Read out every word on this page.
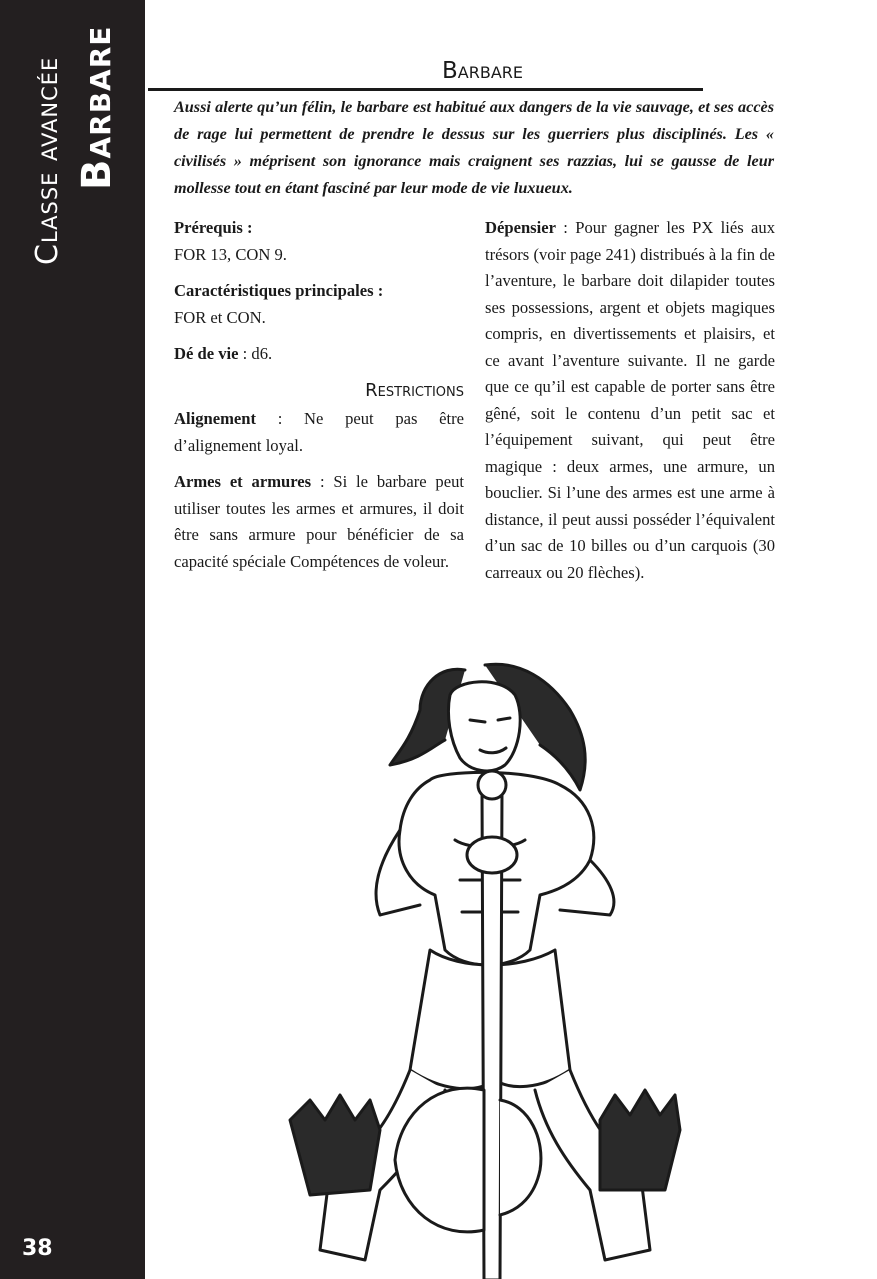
Classe avancée Barbare
38
Barbare
Aussi alerte qu’un félin, le barbare est habitué aux dangers de la vie sauvage, et ses accès de rage lui permettent de prendre le dessus sur les guerriers plus disciplinés. Les « civilisés » méprisent son ignorance mais craignent ses razzias, lui se gausse de leur mollesse tout en étant fasciné par leur mode de vie luxueux.

Prérequis :
FOR 13, CON 9.

Caractéristiques principales :
FOR et CON.

Dé de vie : d6.

Restrictions

Alignement : Ne peut pas être d’alignement loyal.

Armes et armures : Si le barbare peut utiliser toutes les armes et armures, il doit être sans armure pour bénéficier de sa capacité spéciale Compétences de voleur.

Dépensier : Pour gagner les PX liés aux trésors (voir page 241) distribués à la fin de l’aventure, le barbare doit dilapider toutes ses possessions, argent et objets magiques compris, en divertissements et plaisirs, et ce avant l’aventure suivante. Il ne garde que ce qu’il est capable de porter sans être gêné, soit le contenu d’un petit sac et l’équipement suivant, qui peut être magique : deux armes, une armure, un bouclier. Si l’une des armes est une arme à distance, il peut aussi posséder l’équivalent d’un sac de 10 billes ou d’un carquois (30 carreaux ou 20 flèches).
